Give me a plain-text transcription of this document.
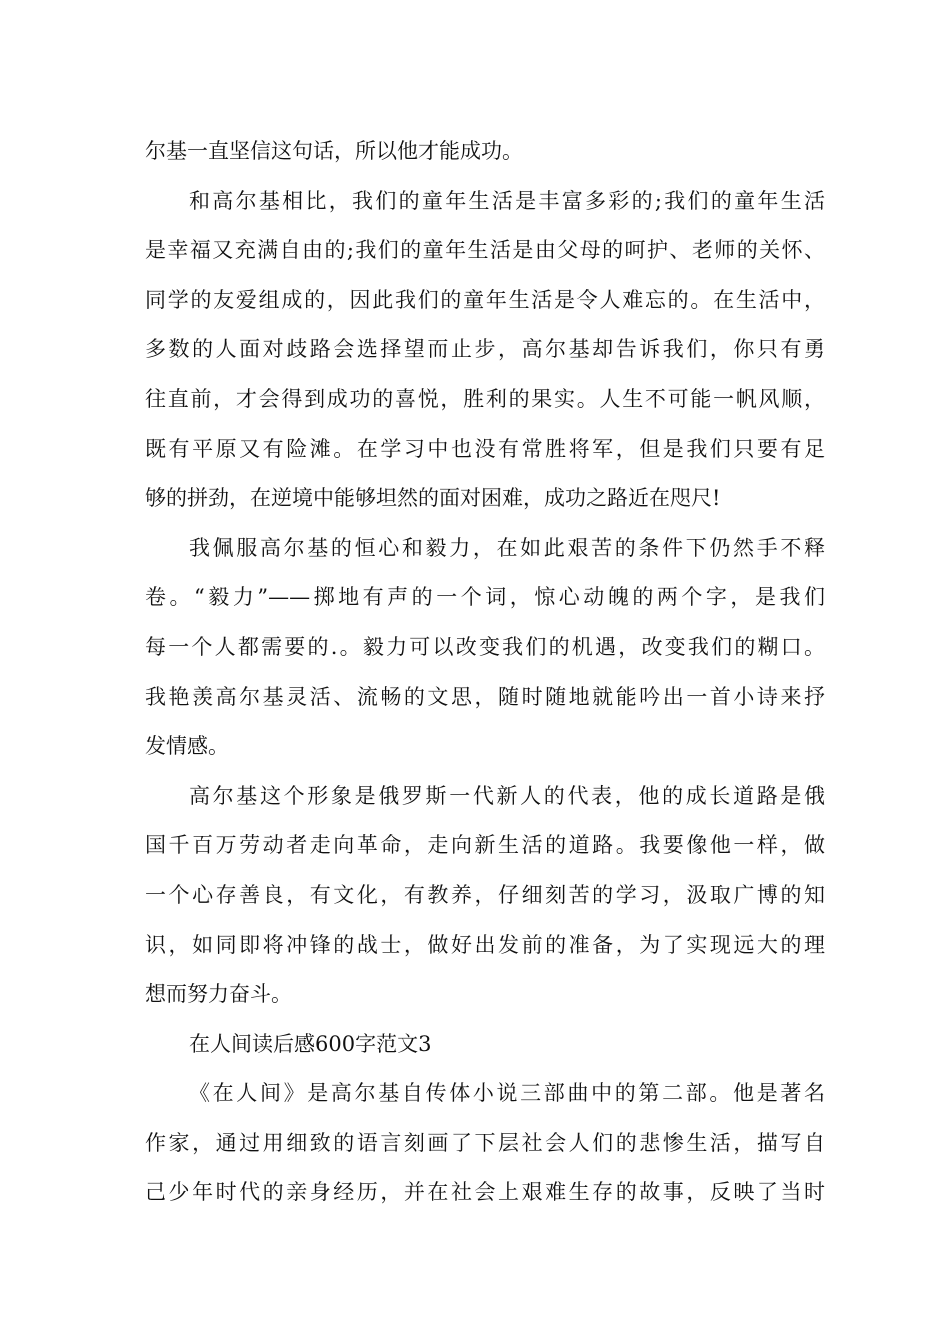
尔基一直坚信这句话，所以他才能成功。
和高尔基相比，我们的童年生活是丰富多彩的;我们的童年生活
是幸福又充满自由的;我们的童年生活是由父母的呵护、老师的关怀、
同学的友爱组成的，因此我们的童年生活是令人难忘的。在生活中，
多数的人面对歧路会选择望而止步，高尔基却告诉我们，你只有勇
往直前，才会得到成功的喜悦，胜利的果实。人生不可能一帆风顺，
既有平原又有险滩。在学习中也没有常胜将军，但是我们只要有足
够的拼劲，在逆境中能够坦然的面对困难，成功之路近在咫尺!
我佩服高尔基的恒心和毅力，在如此艰苦的条件下仍然手不释
卷。“毅力”——掷地有声的一个词，惊心动魄的两个字，是我们
每一个人都需要的.。毅力可以改变我们的机遇，改变我们的糊口。
我艳羡高尔基灵活、流畅的文思，随时随地就能吟出一首小诗来抒
发情感。
高尔基这个形象是俄罗斯一代新人的代表，他的成长道路是俄
国千百万劳动者走向革命，走向新生活的道路。我要像他一样，做
一个心存善良，有文化，有教养，仔细刻苦的学习，汲取广博的知
识，如同即将冲锋的战士，做好出发前的准备，为了实现远大的理
想而努力奋斗。
在人间读后感600字范文3
《在人间》是高尔基自传体小说三部曲中的第二部。他是著名
作家，通过用细致的语言刻画了下层社会人们的悲惨生活，描写自
己少年时代的亲身经历，并在社会上艰难生存的故事，反映了当时
